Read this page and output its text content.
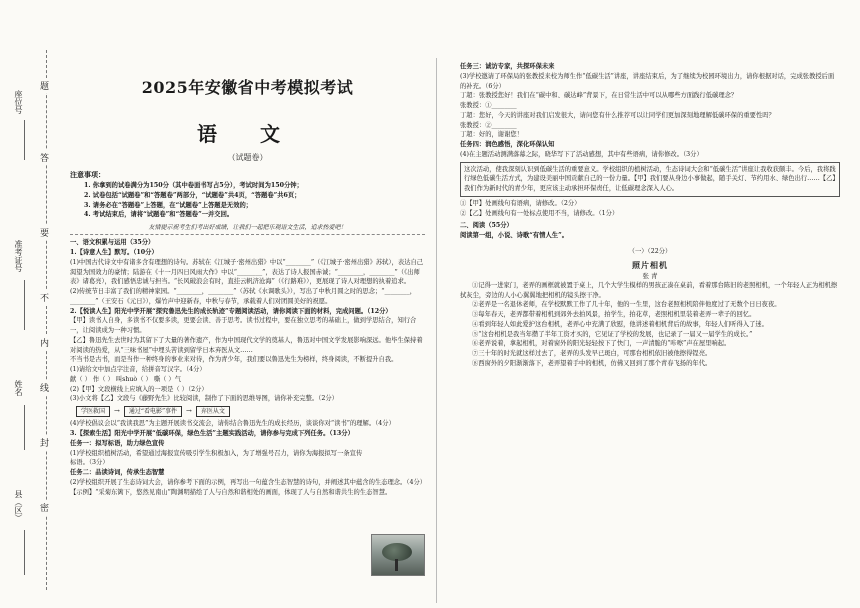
座位号
准考证号
姓名
县（区）
题
答
要
不
内
线
封
密
2025年安徽省中考模拟考试
语 文
（试题卷）
注意事项：
1. 你拿到的试卷满分为150分（其中卷面书写占5分），考试时间为150分钟；
2. 试卷包括“试题卷”和“答题卷”两部分，“试题卷”共4页，“答题卷”共6页；
3. 请务必在“答题卷”上答题，在“试题卷”上答题是无效的；
4. 考试结束后，请将“试题卷”和“答题卷”一并交回。
友情提示祝考生们考出好成绩，让我们一起把乐观语文生活，追求热爱吧！
一、语文积累与运用（35分）
1.【诗意人生】默写。（10分）
(1)中国古代诗文中有诸多含有理想的诗句。苏轼在《江城子·密州出猎》中以“________”（《江城子·密州出猎》苏轼），表达自己渴望为国效力的豪情；陆游在《十一月四日风雨大作》中以“________”，表达了诗人报国赤诚；“________，________”（《出师表》诸葛亮），我们感悟忠诚与担当。“长风破浪会有时，直挂云帆济沧海”（《行路难》），更展现了诗人对理想的执着追求。
(2)传统节日丰富了我们的精神家园。“________，________”（苏轼《水调歌头》），写出了中秋月圆之时的思念；“________，________”（王安石《元日》），爆竹声中迎新春，中秋与春节，承载着人们对团圆美好的祝愿。
2.【悦读人生】阳光中学开展“探究鲁迅先生的成长轨迹”专题阅读活动，请你阅读下面的材料，完成问题。（12分）
【甲】读书人自身，多读书不仅要多读，更要会读、善于思考。读书过程中，要在独立思考的基础上，做到学思结合，知行合一，让阅读成为一种习惯。
【乙】鲁迅先生去世时为其留下了大量的著作遗产，作为中国现代文学的奠基人，鲁迅对中国文学发展影响深远。他毕生保持着对阅读的热爱，从“三味书屋”中埋头苦读到留学日本弃医从文……
不当书是古书，而是当作一种终身的事业来对待，作为青少年，我们要以鲁迅先生为榜样，终身阅读，不断提升自我。
(1)请给文中加点字注音，给拼音写汉字。（4分）
献（ ） 作（ ） 叫shuò（ ） 嘶（ ）气
(2)【甲】文段横线上应填入的一项是（ ）（2分）
(3)小文将【乙】文段与《藤野先生》比较阅读，制作了下面的思维导图，请你补充完整。（2分）
学医救国	→	通过“看电影”事件	→	弃医从文
(4)学校倡议会以“我读我思”为主题开展读书交流会，请你结合鲁迅先生的成长经历，谈谈你对“读书”的理解。（4分）
3.【探索生活】阳光中学开展“低碳环保，绿色生活”主题实践活动，请你参与完成下列任务。（13分）
任务一：拟写标语，助力绿色宣传
(1)学校组织植树活动，希望通过海报宣传吸引学生积极加入，为了增强号召力，请你为海报拟写一条宣传标语。（3分）
任务二：品读诗词，传承生态智慧
(2)学校组织开展了生态诗词大会，请你参考下面的示例，再写出一句蕴含生态智慧的诗句，并阐述其中蕴含的生态理念。（4分）
【示例】“采菊东篱下，悠然见南山”陶渊明描绘了人与自然和谐相处的画面，体现了人与自然和谐共生的生态智慧。
任务三：诚访专家，共探环保未来
(3)学校邀请了环保局的张教授来校为师生作“低碳生活”讲座，讲座结束后，为了继续为校园环境出力，请你根据对话，完成张教授后面的补充。（6分）
丁超：张教授您好！我们在“碳中和、碳达峰”背景下，在日常生活中可以从哪些方面践行低碳理念？
张教授：①________
丁超：您好，今天的讲座对我们启发很大，请问您有什么推荐可以让同学们更加深刻地理解低碳环保的重要性吗？
张教授：②________
丁超：好的，谢谢您！
任务四：润色感悟，深化环保认知
(4)在主题活动测满落幕之际，晓华写下了活动感想，其中有些语病，请你修改。（3分）
这次活动，使我深刻认识到低碳生活的重要意义。学校组织的植树活动，生态诗词大会和“低碳生活”讲座让我收获颇丰。今后，我将践行绿色低碳生活方式，为建设美丽中国贡献自己的一份力量。【甲】我们要从身边小事做起，随手关灯、节约用水、绿色出行……【乙】我们作为新时代的青少年，更应该主动承担环保责任，让低碳理念深入人心。
①【甲】处画线句有语病，请修改。（2分）
②【乙】处画线句有一处标点使用不当，请修改。（1分）
二、阅读（55分）
阅读第一组，小说、诗歌“有情人生”。
（一）（22分）
照片相机
张 青

①记得一进家门，老弄的画框就被置于桌上，几个大学生模样的男孩正凑在桌前，看着那台陈旧的老照相机，一个年轻人正为相机擦拭灰尘，旁边的人小心翼翼地把相机的镜头擦干净。

②老弄是一名退休老师，在学校默默工作了几十年，他的一生里，这台老照相机陪伴他度过了无数个日日夜夜。

③每年春天，老弄都带着相机到郊外去拍风景，拍学生，拍花草，老照相机里装着老弄一辈子的回忆。

④看到年轻人如此爱护这台相机，老弄心中充满了欣慰，他讲述着相机背后的故事，年轻人们听得入了迷。

⑤“这台相机是我当年攒了半年工资才买的，它见证了学校的发展，也记录了一届又一届学生的成长。”

⑥老弄说着，拿起相机，对着窗外的阳光轻轻按下了快门，一声清脆的“咔嚓”声在屋里响起。

⑦三十年的时光就这样过去了，老弄的头发早已斑白，可那台相机依旧被他擦得锃亮。

⑧西窗外的夕阳渐渐落下，老弄望着手中的相机，仿佛又回到了那个青春飞扬的年代。
